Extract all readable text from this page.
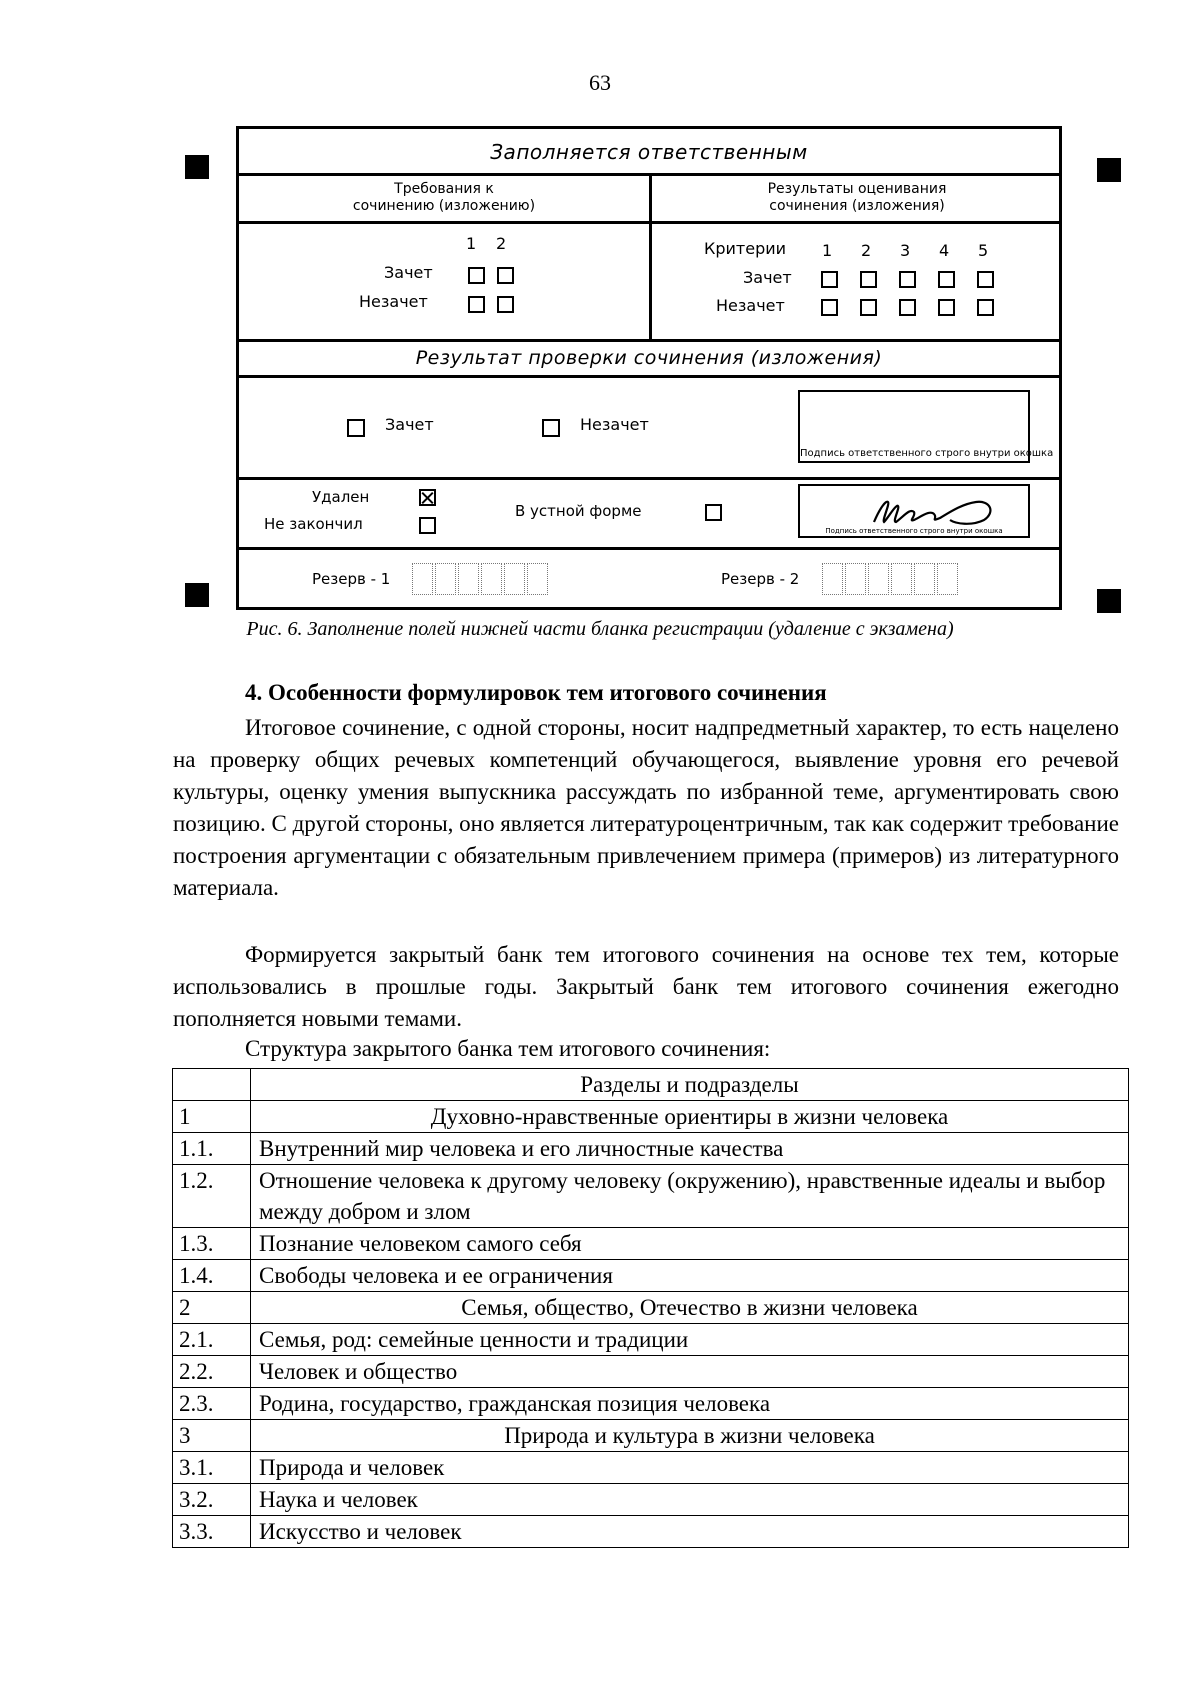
63
Заполняется ответственным
Требования к
сочинению (изложению)
Результаты оценивания
сочинения (изложения)
1 2
Зачет
Незачет
Критерии 1 2 3 4 5
Зачет
Незачет
Результат проверки сочинения (изложения)
Зачет	Незачет
Подпись ответственного строго внутри окошка
Удален
Не закончил
В устной форме
Подпись ответственного строго внутри окошка
Резерв - 1	Резерв - 2
Рис. 6. Заполнение полей нижней части бланка регистрации (удаление с экзамена)
4. Особенности формулировок тем итогового сочинения
Итоговое сочинение, с одной стороны, носит надпредметный характер, то есть нацелено на проверку общих речевых компетенций обучающегося, выявление уровня его речевой культуры, оценку умения выпускника рассуждать по избранной теме, аргументировать свою позицию. С другой стороны, оно является литературоцентричным, так как содержит требование построения аргументации с обязательным привлечением примера (примеров) из литературного материала.
Формируется закрытый банк тем итогового сочинения на основе тех тем, которые использовались в прошлые годы. Закрытый банк тем итогового сочинения ежегодно пополняется новыми темами.
Структура закрытого банка тем итогового сочинения:
	Разделы и подразделы
1	Духовно-нравственные ориентиры в жизни человека
1.1.	Внутренний мир человека и его личностные качества
1.2.	Отношение человека к другому человеку (окружению), нравственные идеалы и выбор между добром и злом
1.3.	Познание человеком самого себя
1.4.	Свободы человека и ее ограничения
2	Семья, общество, Отечество в жизни человека
2.1.	Семья, род: семейные ценности и традиции
2.2.	Человек и общество
2.3.	Родина, государство, гражданская позиция человека
3	Природа и культура в жизни человека
3.1.	Природа и человек
3.2.	Наука и человек
3.3.	Искусство и человек
